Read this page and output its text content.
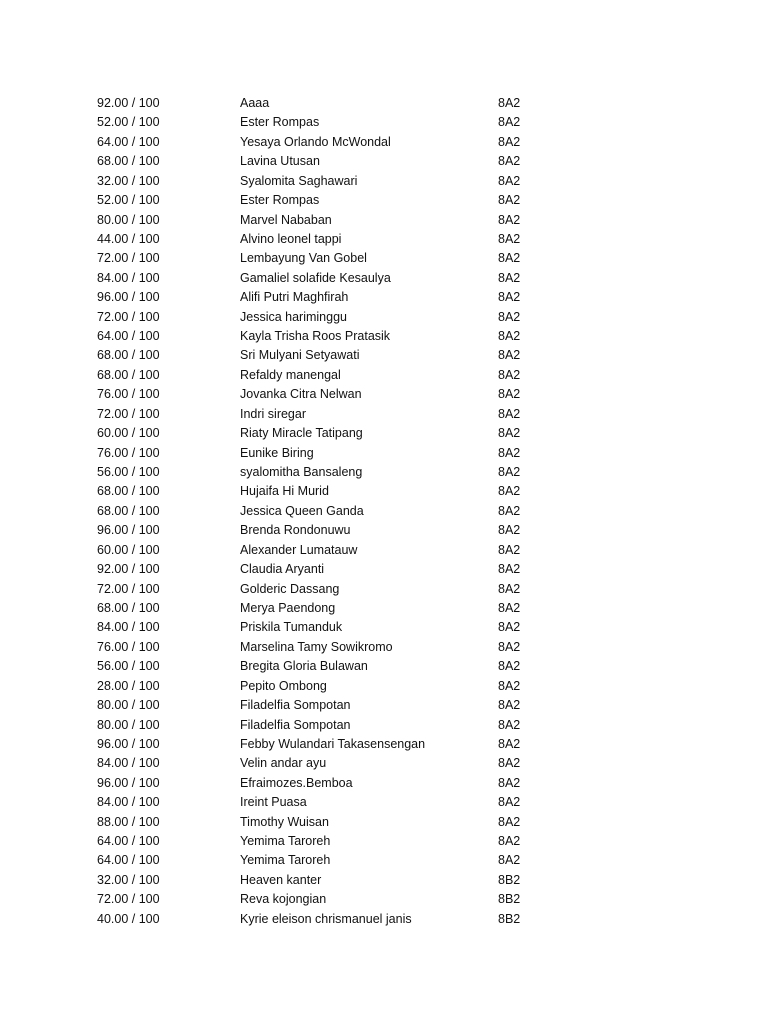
92.00 / 100	Aaaa	8A2
52.00 / 100	Ester Rompas	8A2
64.00 / 100	Yesaya Orlando McWondal	8A2
68.00 / 100	Lavina Utusan	8A2
32.00 / 100	Syalomita Saghawari	8A2
52.00 / 100	Ester Rompas	8A2
80.00 / 100	Marvel Nababan	8A2
44.00 / 100	Alvino leonel tappi	8A2
72.00 / 100	Lembayung Van Gobel	8A2
84.00 / 100	Gamaliel solafide Kesaulya	8A2
96.00 / 100	Alifi Putri Maghfirah	8A2
72.00 / 100	Jessica hariminggu	8A2
64.00 / 100	Kayla Trisha Roos Pratasik	8A2
68.00 / 100	Sri Mulyani Setyawati	8A2
68.00 / 100	Refaldy manengal	8A2
76.00 / 100	Jovanka Citra Nelwan	8A2
72.00 / 100	Indri siregar	8A2
60.00 / 100	Riaty Miracle Tatipang	8A2
76.00 / 100	Eunike Biring	8A2
56.00 / 100	syalomitha Bansaleng	8A2
68.00 / 100	Hujaifa Hi Murid	8A2
68.00 / 100	Jessica Queen Ganda	8A2
96.00 / 100	Brenda Rondonuwu	8A2
60.00 / 100	Alexander Lumatauw	8A2
92.00 / 100	Claudia Aryanti	8A2
72.00 / 100	Golderic Dassang	8A2
68.00 / 100	Merya Paendong	8A2
84.00 / 100	Priskila Tumanduk	8A2
76.00 / 100	Marselina Tamy Sowikromo	8A2
56.00 / 100	Bregita Gloria Bulawan	8A2
28.00 / 100	Pepito Ombong	8A2
80.00 / 100	Filadelfia Sompotan	8A2
80.00 / 100	Filadelfia Sompotan	8A2
96.00 / 100	Febby Wulandari Takasensengan	8A2
84.00 / 100	Velin andar ayu	8A2
96.00 / 100	Efraimozes.Bemboa	8A2
84.00 / 100	Ireint Puasa	8A2
88.00 / 100	Timothy Wuisan	8A2
64.00 / 100	Yemima Taroreh	8A2
64.00 / 100	Yemima Taroreh	8A2
32.00 / 100	Heaven kanter	8B2
72.00 / 100	Reva kojongian	8B2
40.00 / 100	Kyrie eleison chrismanuel janis	8B2
